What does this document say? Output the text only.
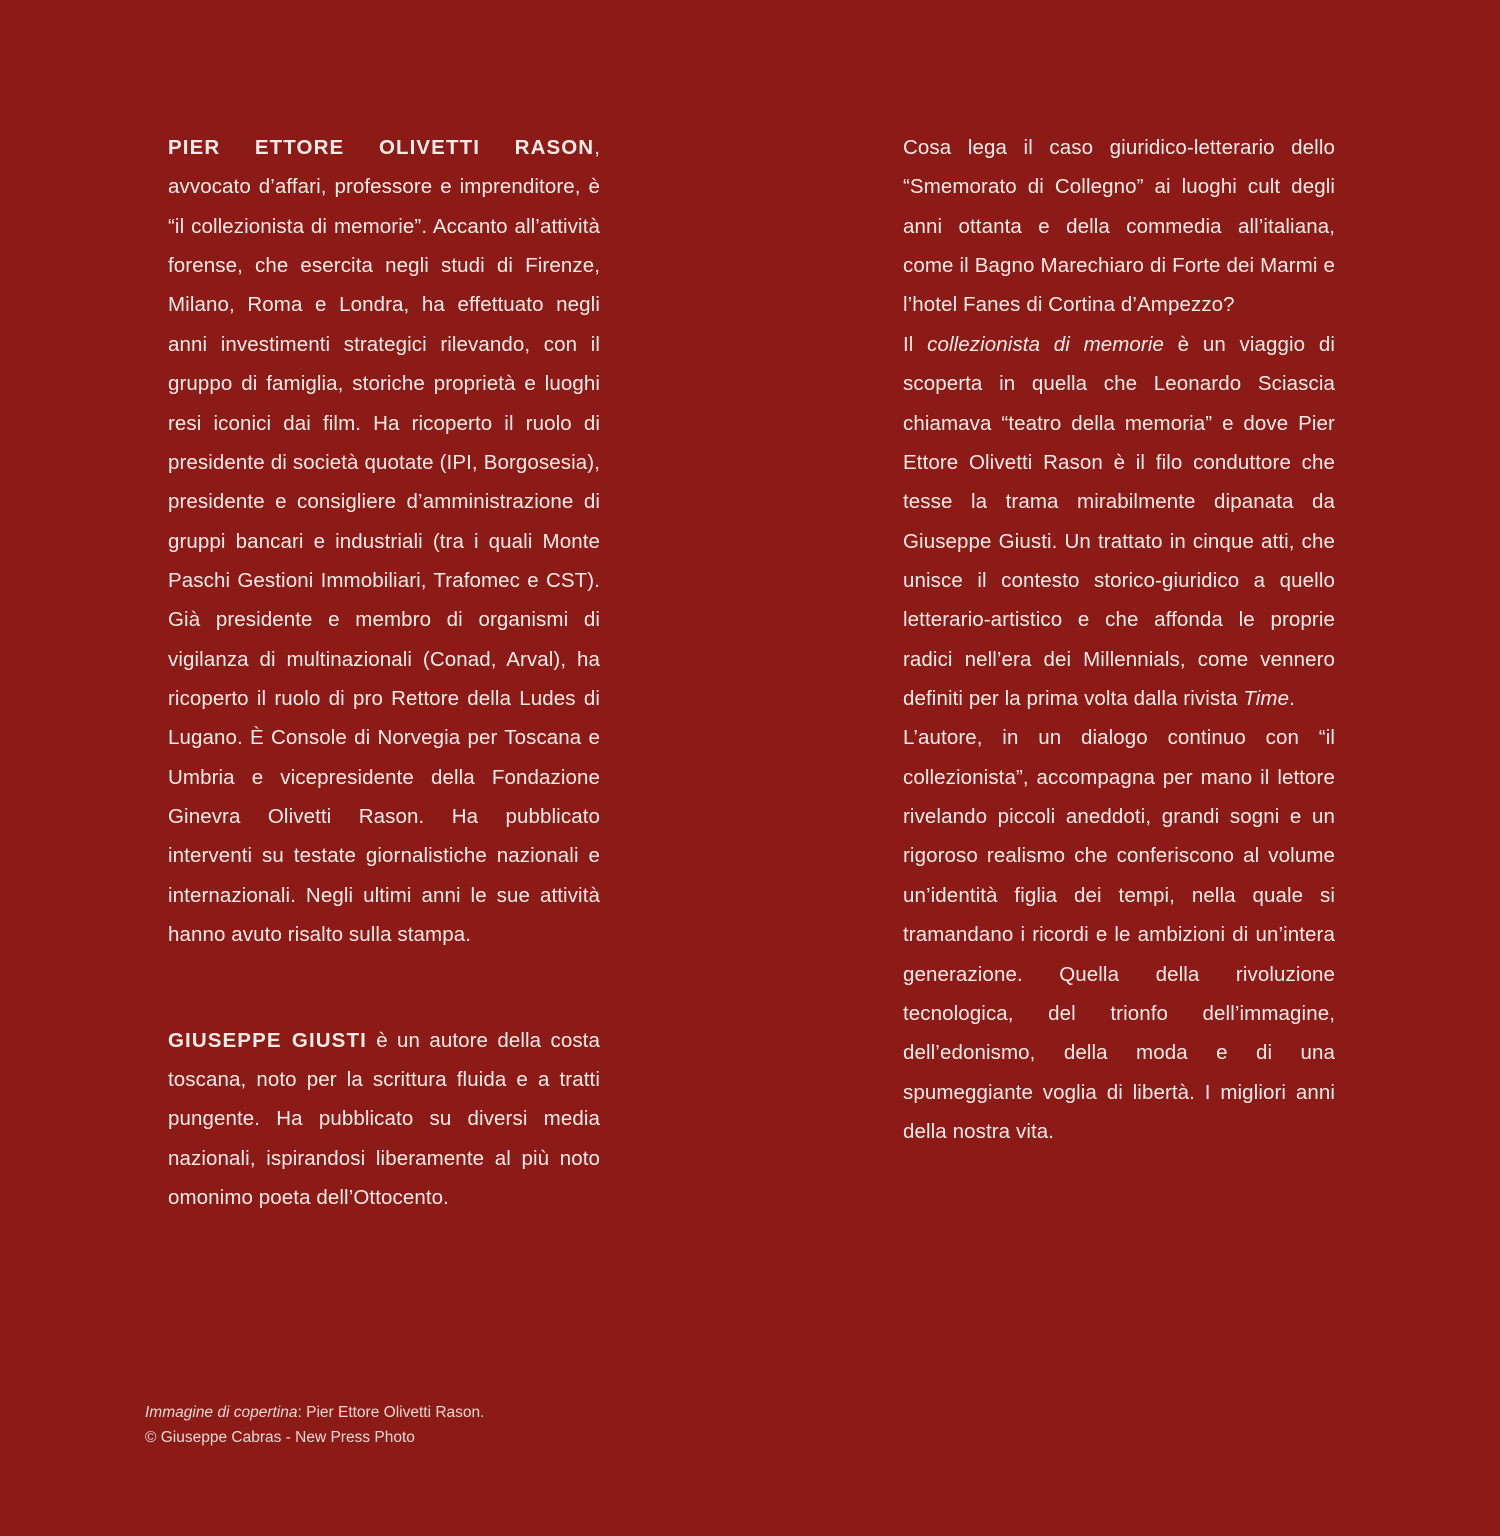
PIER ETTORE OLIVETTI RASON, avvocato d’affari, professore e imprenditore, è “il collezionista di memorie”. Accanto all’attività forense, che esercita negli studi di Firenze, Milano, Roma e Londra, ha effettuato negli anni investimenti strategici rilevando, con il gruppo di famiglia, storiche proprietà e luoghi resi iconici dai film. Ha ricoperto il ruolo di presidente di società quotate (IPI, Borgosesia), presidente e consigliere d’amministrazione di gruppi bancari e industriali (tra i quali Monte Paschi Gestioni Immobiliari, Trafomec e CST). Già presidente e membro di organismi di vigilanza di multinazionali (Conad, Arval), ha ricoperto il ruolo di pro Rettore della Ludes di Lugano. È Console di Norvegia per Toscana e Umbria e vicepresidente della Fondazione Ginevra Olivetti Rason. Ha pubblicato interventi su testate giornalistiche nazionali e internazionali. Negli ultimi anni le sue attività hanno avuto risalto sulla stampa.

GIUSEPPE GIUSTI è un autore della costa toscana, noto per la scrittura fluida e a tratti pungente. Ha pubblicato su diversi media nazionali, ispirandosi liberamente al più noto omonimo poeta dell’Ottocento.

Cosa lega il caso giuridico-letterario dello “Smemorato di Collegno” ai luoghi cult degli anni ottanta e della commedia all’italiana, come il Bagno Marechiaro di Forte dei Marmi e l’hotel Fanes di Cortina d’Ampezzo?

Il collezionista di memorie è un viaggio di scoperta in quella che Leonardo Sciascia chiamava “teatro della memoria” e dove Pier Ettore Olivetti Rason è il filo conduttore che tesse la trama mirabilmente dipanata da Giuseppe Giusti. Un trattato in cinque atti, che unisce il contesto storico-giuridico a quello letterario-artistico e che affonda le proprie radici nell’era dei Millennials, come vennero definiti per la prima volta dalla rivista Time.

L’autore, in un dialogo continuo con “il collezionista”, accompagna per mano il lettore rivelando piccoli aneddoti, grandi sogni e un rigoroso realismo che conferiscono al volume un’identità figlia dei tempi, nella quale si tramandano i ricordi e le ambizioni di un’intera generazione. Quella della rivoluzione tecnologica, del trionfo dell’immagine, dell’edonismo, della moda e di una spumeggiante voglia di libertà. I migliori anni della nostra vita.

Immagine di copertina: Pier Ettore Olivetti Rason.
© Giuseppe Cabras - New Press Photo
